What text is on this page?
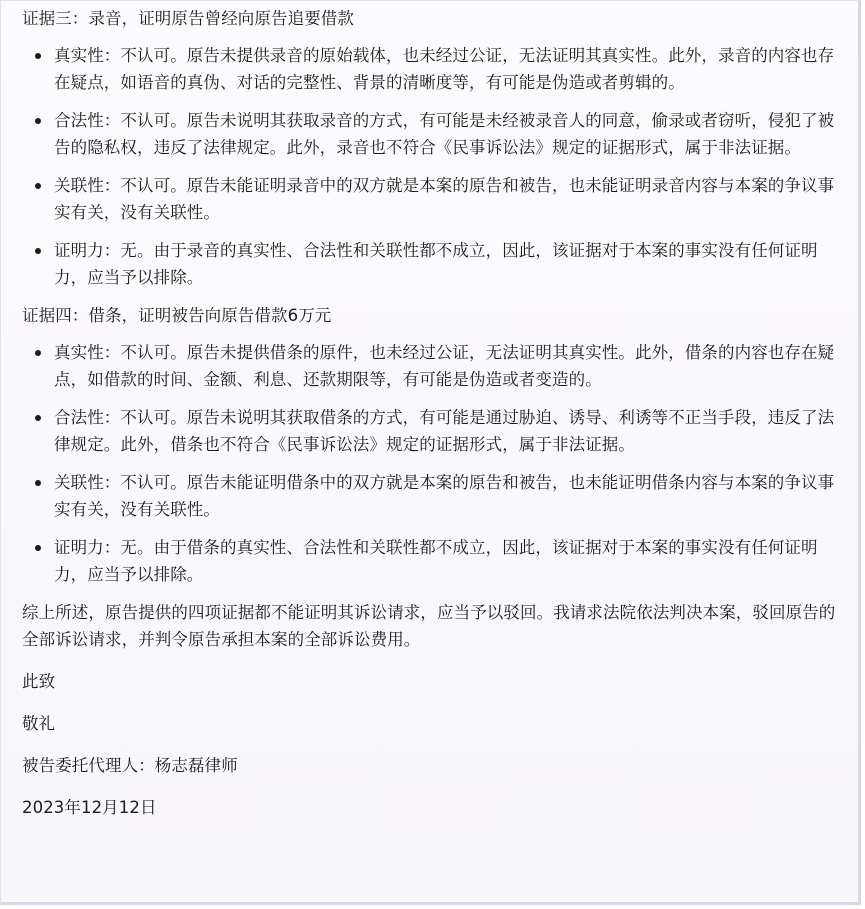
证据三：录音，证明原告曾经向原告追要借款

真实性：不认可。原告未提供录音的原始载体，也未经过公证，无法证明其真实性。此外，录音的内容也存在疑点，如语音的真伪、对话的完整性、背景的清晰度等，有可能是伪造或者剪辑的。
合法性：不认可。原告未说明其获取录音的方式，有可能是未经被录音人的同意，偷录或者窃听，侵犯了被告的隐私权，违反了法律规定。此外，录音也不符合《民事诉讼法》规定的证据形式，属于非法证据。
关联性：不认可。原告未能证明录音中的双方就是本案的原告和被告，也未能证明录音内容与本案的争议事实有关，没有关联性。
证明力：无。由于录音的真实性、合法性和关联性都不成立，因此，该证据对于本案的事实没有任何证明力，应当予以排除。

证据四：借条，证明被告向原告借款6万元

真实性：不认可。原告未提供借条的原件，也未经过公证，无法证明其真实性。此外，借条的内容也存在疑点，如借款的时间、金额、利息、还款期限等，有可能是伪造或者变造的。
合法性：不认可。原告未说明其获取借条的方式，有可能是通过胁迫、诱导、利诱等不正当手段，违反了法律规定。此外，借条也不符合《民事诉讼法》规定的证据形式，属于非法证据。
关联性：不认可。原告未能证明借条中的双方就是本案的原告和被告，也未能证明借条内容与本案的争议事实有关，没有关联性。
证明力：无。由于借条的真实性、合法性和关联性都不成立，因此，该证据对于本案的事实没有任何证明力，应当予以排除。

综上所述，原告提供的四项证据都不能证明其诉讼请求，应当予以驳回。我请求法院依法判决本案，驳回原告的全部诉讼请求，并判令原告承担本案的全部诉讼费用。

此致

敬礼

被告委托代理人：杨志磊律师

2023年12月12日
